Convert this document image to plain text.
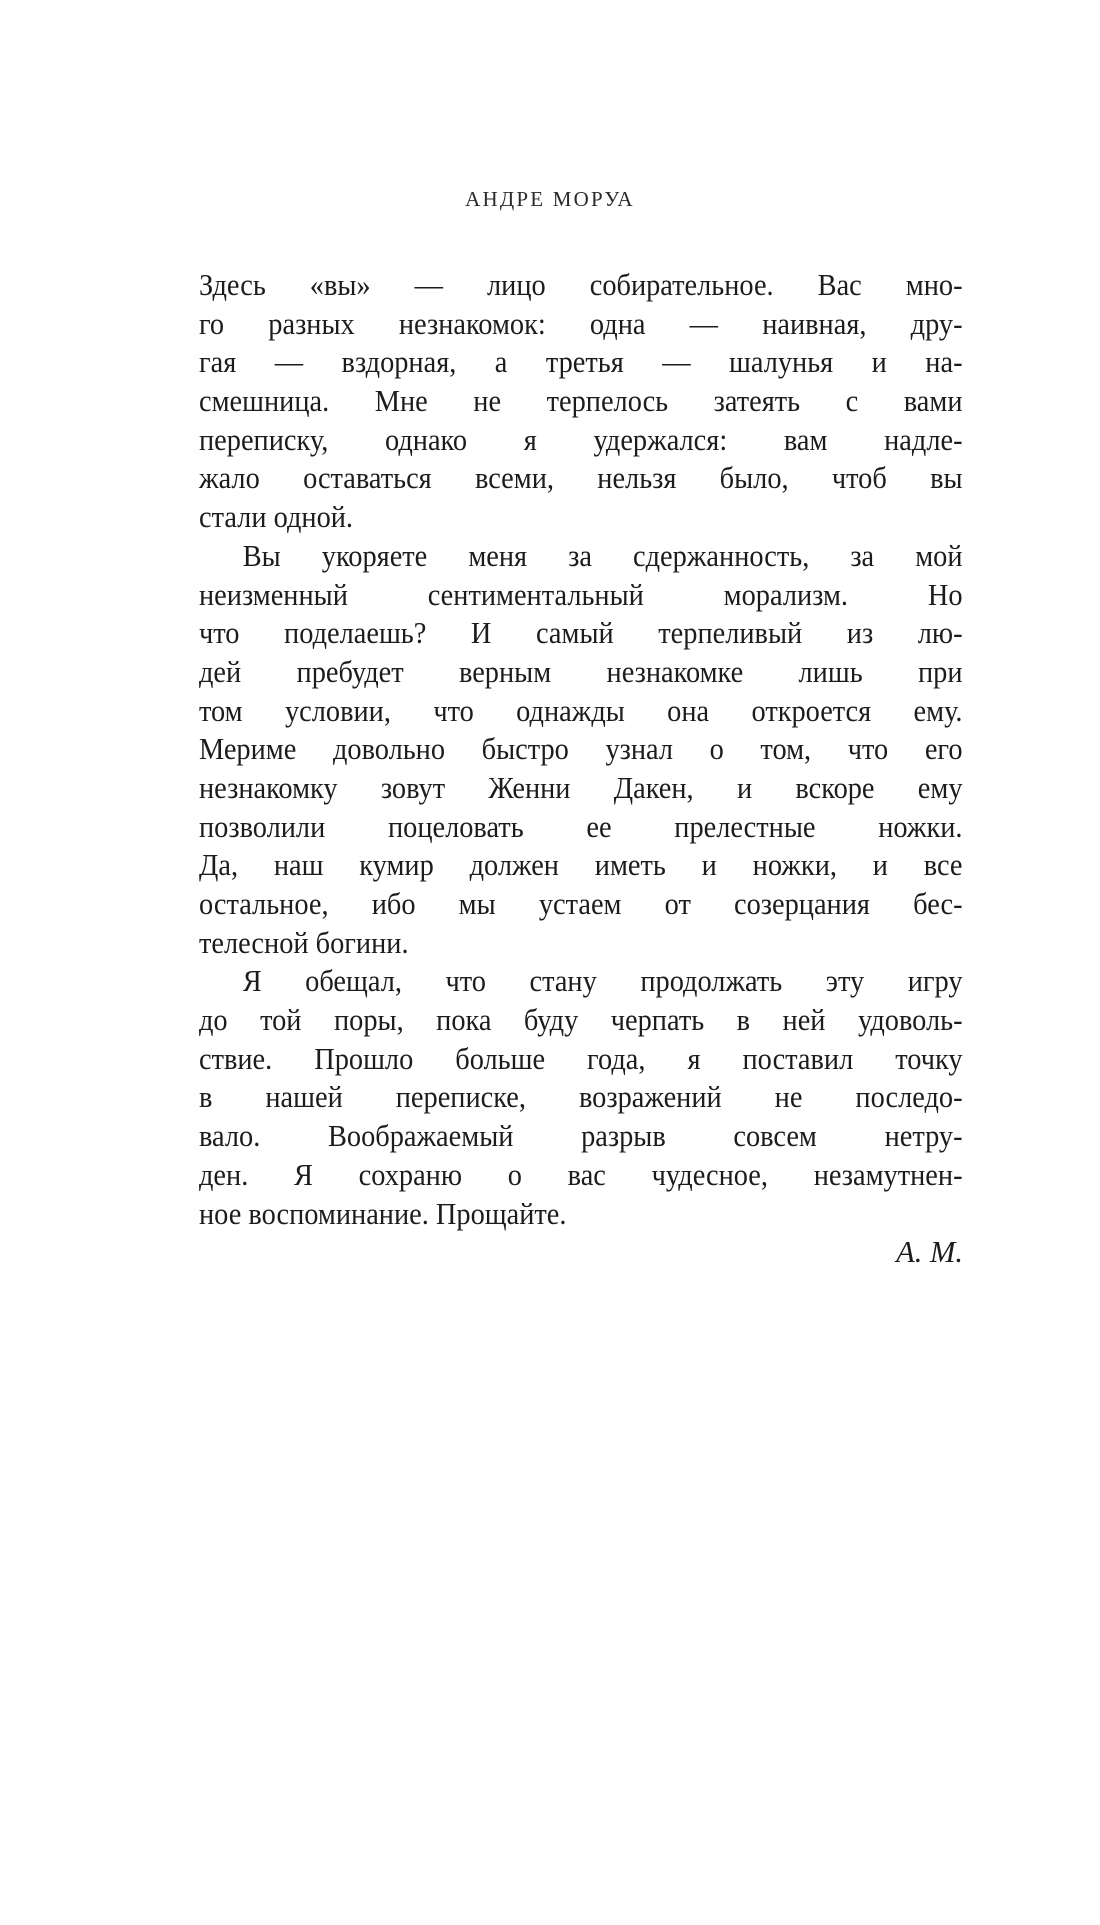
АНДРЕ МОРУА
Здесь «вы» — лицо собирательное. Вас мно-
го разных незнакомок: одна — наивная, дру-
гая — вздорная, а третья — шалунья и на-
смешница. Мне не терпелось затеять с вами
переписку, однако я удержался: вам надле-
жало оставаться всеми, нельзя было, чтоб вы
стали одной.
Вы укоряете меня за сдержанность, за мой
неизменный сентиментальный морализм. Но
что поделаешь? И самый терпеливый из лю-
дей пребудет верным незнакомке лишь при
том условии, что однажды она откроется ему.
Мериме довольно быстро узнал о том, что его
незнакомку зовут Женни Дакен, и вскоре ему
позволили поцеловать ее прелестные ножки.
Да, наш кумир должен иметь и ножки, и все
остальное, ибо мы устаем от созерцания бес-
телесной богини.
Я обещал, что стану продолжать эту игру
до той поры, пока буду черпать в ней удоволь-
ствие. Прошло больше года, я поставил точку
в нашей переписке, возражений не последо-
вало. Воображаемый разрыв совсем нетру-
ден. Я сохраню о вас чудесное, незамутнен-
ное воспоминание. Прощайте.
А. М.
